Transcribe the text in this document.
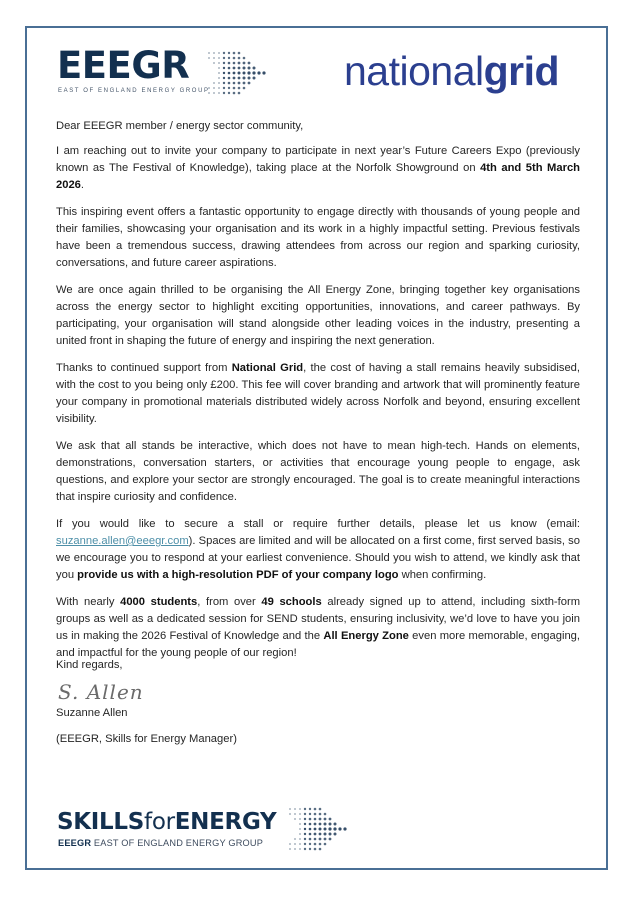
EEEGR
EAST OF ENGLAND ENERGY GROUP	nationalgrid

Dear EEEGR member / energy sector community,

I am reaching out to invite your company to participate in next year’s Future Careers Expo (previously known as The Festival of Knowledge), taking place at the Norfolk Showground on 4th and 5th March 2026.

This inspiring event offers a fantastic opportunity to engage directly with thousands of young people and their families, showcasing your organisation and its work in a highly impactful setting. Previous festivals have been a tremendous success, drawing attendees from across our region and sparking curiosity, conversations, and future career aspirations.

We are once again thrilled to be organising the All Energy Zone, bringing together key organisations across the energy sector to highlight exciting opportunities, innovations, and career pathways. By participating, your organisation will stand alongside other leading voices in the industry, presenting a united front in shaping the future of energy and inspiring the next generation.

Thanks to continued support from National Grid, the cost of having a stall remains heavily subsidised, with the cost to you being only £200. This fee will cover branding and artwork that will prominently feature your company in promotional materials distributed widely across Norfolk and beyond, ensuring excellent visibility.

We ask that all stands be interactive, which does not have to mean high-tech. Hands on elements, demonstrations, conversation starters, or activities that encourage young people to engage, ask questions, and explore your sector are strongly encouraged. The goal is to create meaningful interactions that inspire curiosity and confidence.

If you would like to secure a stall or require further details, please let us know (email: suzanne.allen@eeegr.com). Spaces are limited and will be allocated on a first come, first served basis, so we encourage you to respond at your earliest convenience. Should you wish to attend, we kindly ask that you provide us with a high-resolution PDF of your company logo when confirming.

With nearly 4000 students, from over 49 schools already signed up to attend, including sixth-form groups as well as a dedicated session for SEND students, ensuring inclusivity, we’d love to have you join us in making the 2026 Festival of Knowledge and the All Energy Zone even more memorable, engaging, and impactful for the young people of our region!

Kind regards,
S. Allen
Suzanne Allen
(EEEGR, Skills for Energy Manager)
SKILLSforENERGY
EEEGR EAST OF ENGLAND ENERGY GROUP
